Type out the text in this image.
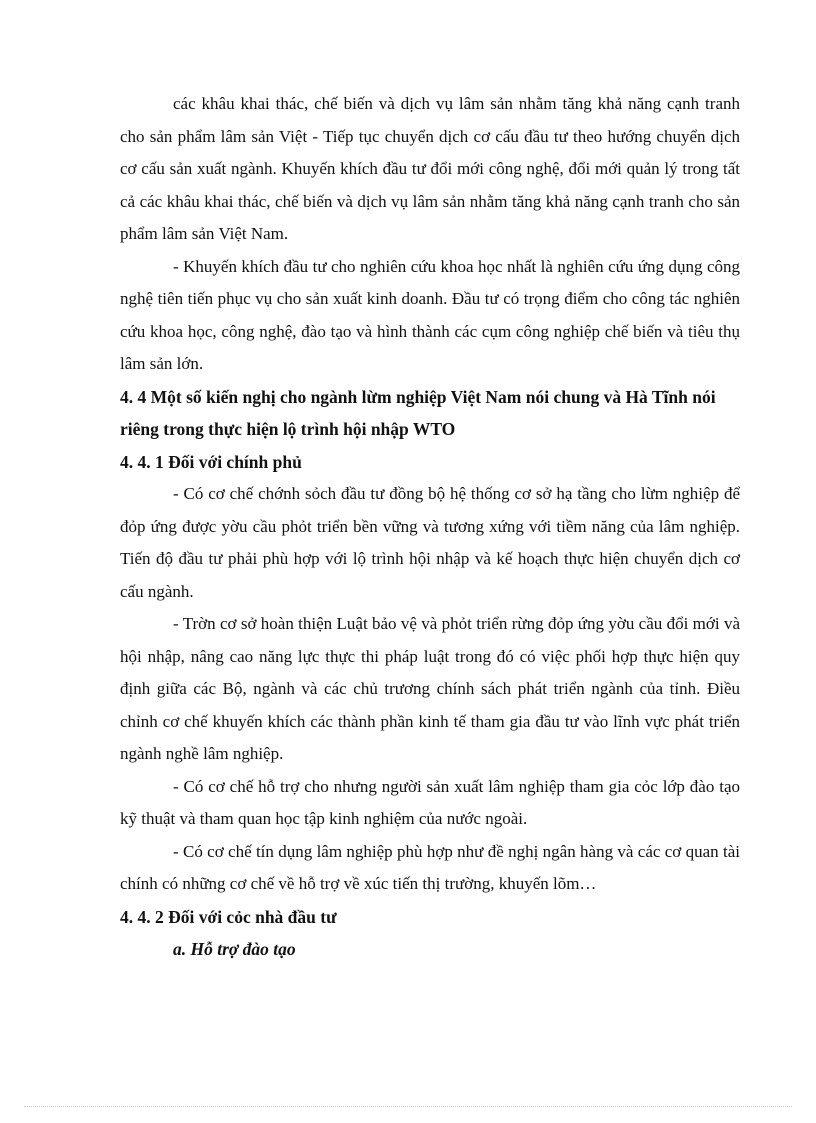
các khâu khai thác, chế biến và dịch vụ lâm sản nhằm tăng khả năng cạnh tranh cho sản phẩm lâm sản Việt - Tiếp tục chuyển dịch cơ cấu đầu tư theo hướng chuyển dịch cơ cấu sản xuất ngành. Khuyến khích đầu tư đổi mới công nghệ, đổi mới quản lý trong tất cả các khâu khai thác, chế biến và dịch vụ lâm sản nhằm tăng khả năng cạnh tranh cho sản phẩm lâm sản Việt Nam.

- Khuyến khích đầu tư cho nghiên cứu khoa học nhất là nghiên cứu ứng dụng công nghệ tiên tiến phục vụ cho sản xuất kinh doanh. Đầu tư có trọng điểm cho công tác nghiên cứu khoa học, công nghệ, đào tạo và hình thành các cụm công nghiệp chế biến và tiêu thụ lâm sản lớn.

4. 4 Một số kiến nghị cho ngành lừm nghiệp Việt Nam nói chung và Hà Tĩnh nói riêng trong thực hiện lộ trình hội nhập WTO

4. 4. 1 Đối với chính phủ

- Có cơ chế chớnh sỏch đầu tư đồng bộ hệ thống cơ sở hạ tầng cho lừm nghiệp để đỏp ứng được yờu cầu phỏt triển bền vững và tương xứng với tiềm năng của lâm nghiệp. Tiến độ đầu tư phải phù hợp với lộ trình hội nhập và kế hoạch thực hiện chuyển dịch cơ cấu ngành.

- Trờn cơ sở hoàn thiện Luật bảo vệ và phỏt triển rừng đỏp ứng yờu cầu đổi mới và hội nhập, nâng cao năng lực thực thi pháp luật trong đó có việc phối hợp thực hiện quy định giữa các Bộ, ngành và các chủ trương chính sách phát triển ngành của tỉnh. Điều chỉnh cơ chế khuyến khích các thành phần kinh tế tham gia đầu tư vào lĩnh vực phát triển ngành nghề lâm nghiệp.

- Có cơ chế hỗ trợ cho nhưng người sản xuất lâm nghiệp tham gia cỏc lớp đào tạo kỹ thuật và tham quan học tập kinh nghiệm của nước ngoài.

- Có cơ chế tín dụng lâm nghiệp phù hợp như đề nghị ngân hàng và các cơ quan tài chính có những cơ chế về hỗ trợ về xúc tiến thị trường, khuyến lõm…

4. 4. 2 Đối với cỏc nhà đầu tư

a. Hỗ trợ đào tạo
